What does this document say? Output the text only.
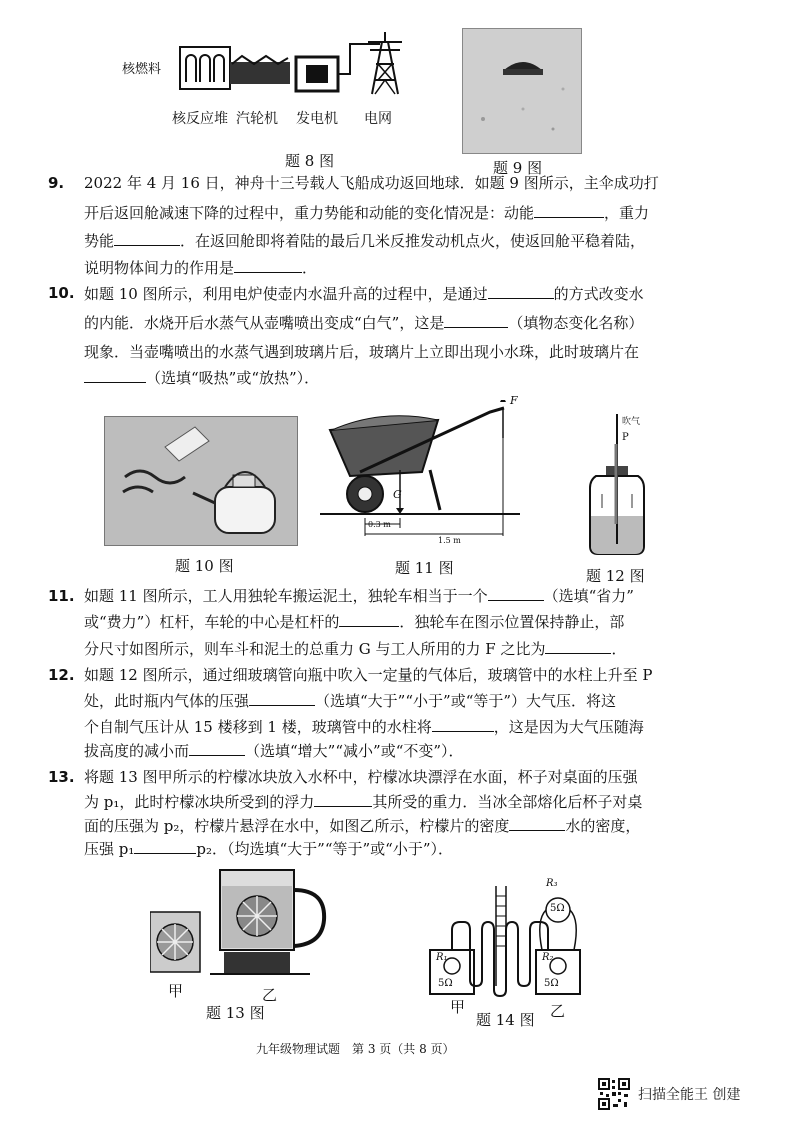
核燃料
核反应堆 汽轮机 发电机 电网
题 8 图	题 9 图
9. 2022 年 4 月 16 日，神舟十三号载人飞船成功返回地球．如题 9 图所示，主伞成功打
开后返回舱减速下降的过程中，重力势能和动能的变化情况是：动能	，重力
势能	．在返回舱即将着陆的最后几米反推发动机点火，使返回舱平稳着陆，
说明物体间力的作用是	．
10. 如题 10 图所示，利用电炉使壶内水温升高的过程中，是通过	的方式改变水
的内能．水烧开后水蒸气从壶嘴喷出变成“白气”，这是	（填物态变化名称）
现象．当壶嘴喷出的水蒸气遇到玻璃片后，玻璃片上立即出现小水珠，此时玻璃片在
（选填“吸热”或“放热”）．
题 10 图
F
G
0.3 m
1.5 m
题 11 图
吹气
P
题 12 图
11. 如题 11 图所示，工人用独轮车搬运泥土，独轮车相当于一个	（选填“省力”
或“费力”）杠杆，车轮的中心是杠杆的	．独轮车在图示位置保持静止，部
分尺寸如图所示，则车斗和泥土的总重力 G 与工人所用的力 F 之比为	．
12. 如题 12 图所示，通过细玻璃管向瓶中吹入一定量的气体后，玻璃管中的水柱上升至 P
处，此时瓶内气体的压强	（选填“大于”“小于”或“等于”）大气压．将这
个自制气压计从 15 楼移到 1 楼，玻璃管中的水柱将	，这是因为大气压随海
拔高度的减小而	（选填“增大”“减小”或“不变”）．
13. 将题 13 图甲所示的柠檬冰块放入水杯中，柠檬冰块漂浮在水面，杯子对桌面的压强
为 p₁，此时柠檬冰块所受到的浮力	其所受的重力．当冰全部熔化后杯子对桌
面的压强为 p₂，柠檬片悬浮在水中，如图乙所示，柠檬片的密度	水的密度，
压强 p₁	p₂．（均选填“大于”“等于”或“小于”）．
甲	乙
题 13 图
R₁
5Ω
R₂
5Ω
R₃
5Ω
甲	乙
题 14 图
九年级物理试题　第 3 页（共 8 页）
扫描全能王 创建
